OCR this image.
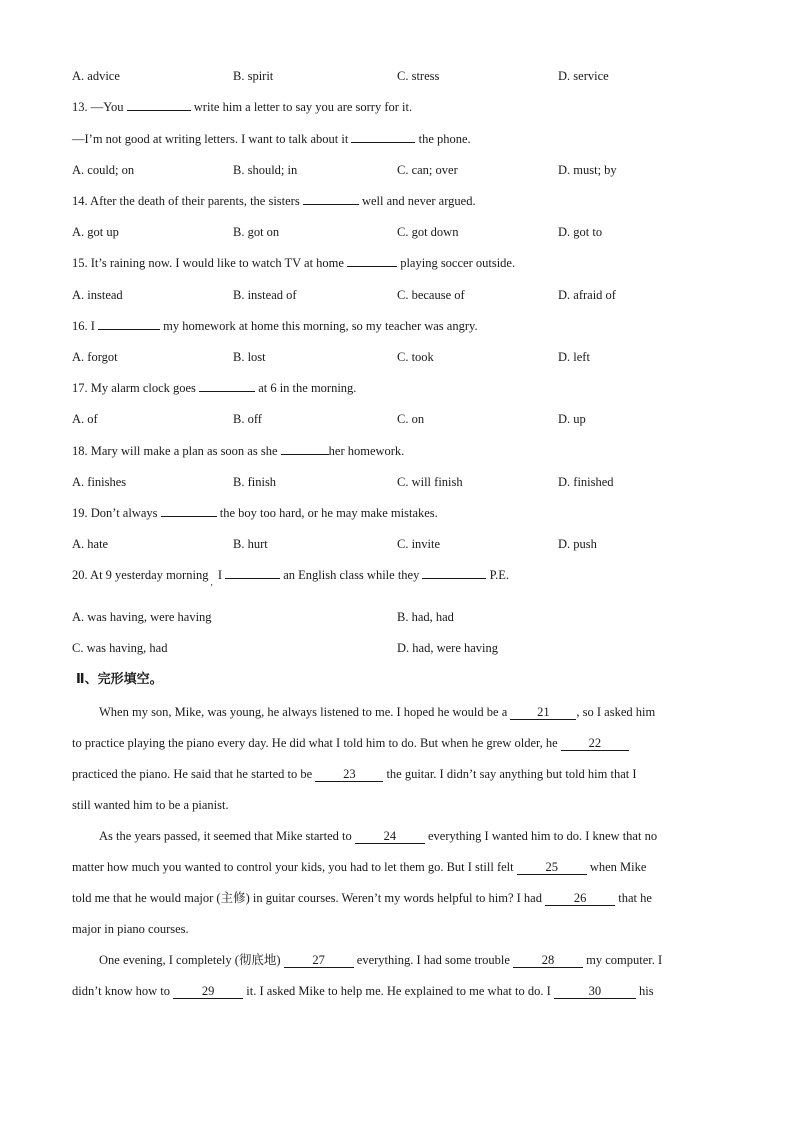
A. advice	B. spirit	C. stress	D. service
13. —You	write him a letter to say you are sorry for it.
—I’m not good at writing letters. I want to talk about it	the phone.
A. could; on	B. should; in	C. can; over	D. must; by
14. After the death of their parents, the sisters	well and never argued.
A. got up	B. got on	C. got down	D. got to
15. It’s raining now. I would like to watch TV at home	playing soccer outside.
A. instead	B. instead of	C. because of	D. afraid of
16. I	my homework at home this morning, so my teacher was angry.
A. forgot	B. lost	C. took	D. left
17. My alarm clock goes	at 6 in the morning.
A. of	B. off	C. on	D. up
18. Mary will make a plan as soon as she	her homework.
A. finishes	B. finish	C. will finish	D. finished
19. Don’t always	the boy too hard, or he may make mistakes.
A. hate	B. hurt	C. invite	D. push
20. At 9 yesterday morning $_,$ I	an English class while they	P.E.
A. was having, were having	B. had, had
C. was having, had	D. had, were having
Ⅱ、完形填空。
When my son, Mike, was young, he always listened to me. I hoped he would be a 21 , so I asked him
to practice playing the piano every day. He did what I told him to do. But when he grew older, he 22
practiced the piano. He said that he started to be 23 the guitar. I didn’t say anything but told him that I
still wanted him to be a pianist.
As the years passed, it seemed that Mike started to 24 everything I wanted him to do. I knew that no
matter how much you wanted to control your kids, you had to let them go. But I still felt 25 when Mike
told me that he would major (主修) in guitar courses. Weren’t my words helpful to him? I had 26 that he
major in piano courses.
One evening, I completely (彻底地) 27 everything. I had some trouble 28 my computer. I
didn’t know how to 29 it. I asked Mike to help me. He explained to me what to do. I	30	his
